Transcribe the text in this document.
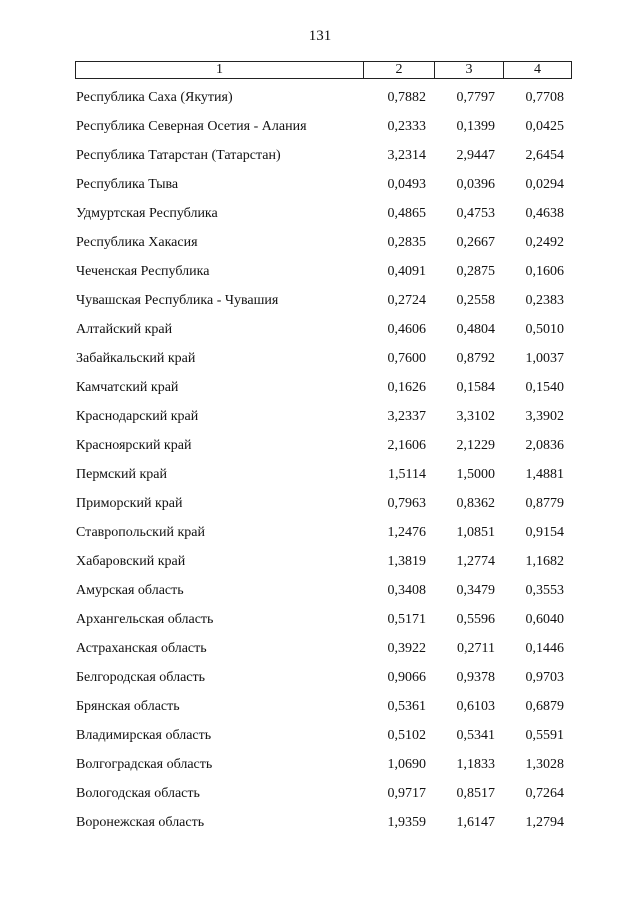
131
1	2	3	4
Республика Саха (Якутия)	0,7882	0,7797	0,7708
Республика Северная Осетия - Алания	0,2333	0,1399	0,0425
Республика Татарстан (Татарстан)	3,2314	2,9447	2,6454
Республика Тыва	0,0493	0,0396	0,0294
Удмуртская Республика	0,4865	0,4753	0,4638
Республика Хакасия	0,2835	0,2667	0,2492
Чеченская Республика	0,4091	0,2875	0,1606
Чувашская Республика - Чувашия	0,2724	0,2558	0,2383
Алтайский край	0,4606	0,4804	0,5010
Забайкальский край	0,7600	0,8792	1,0037
Камчатский край	0,1626	0,1584	0,1540
Краснодарский край	3,2337	3,3102	3,3902
Красноярский край	2,1606	2,1229	2,0836
Пермский край	1,5114	1,5000	1,4881
Приморский край	0,7963	0,8362	0,8779
Ставропольский край	1,2476	1,0851	0,9154
Хабаровский край	1,3819	1,2774	1,1682
Амурская область	0,3408	0,3479	0,3553
Архангельская область	0,5171	0,5596	0,6040
Астраханская область	0,3922	0,2711	0,1446
Белгородская область	0,9066	0,9378	0,9703
Брянская область	0,5361	0,6103	0,6879
Владимирская область	0,5102	0,5341	0,5591
Волгоградская область	1,0690	1,1833	1,3028
Вологодская область	0,9717	0,8517	0,7264
Воронежская область	1,9359	1,6147	1,2794
